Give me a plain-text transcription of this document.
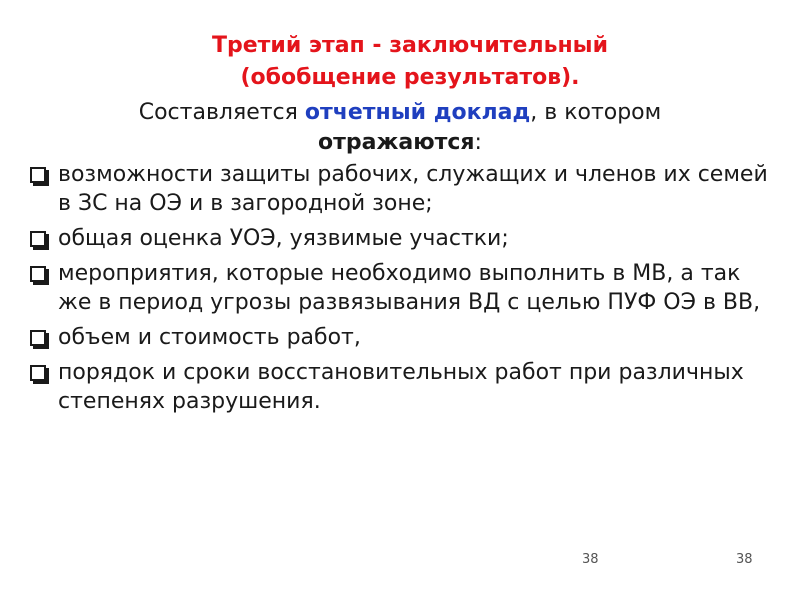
Третий этап - заключительный
(обобщение результатов).
Составляется отчетный доклад, в котором
отражаются:
возможности защиты рабочих, служащих и членов их семей в ЗС на ОЭ и в загородной зоне;
общая оценка УОЭ, уязвимые участки;
мероприятия, которые необходимо выполнить в МВ, а так же в период угрозы развязывания ВД с целью ПУФ ОЭ в ВВ,
объем и стоимость работ,
порядок и сроки восстановительных работ при различных степенях разрушения.
38	38
